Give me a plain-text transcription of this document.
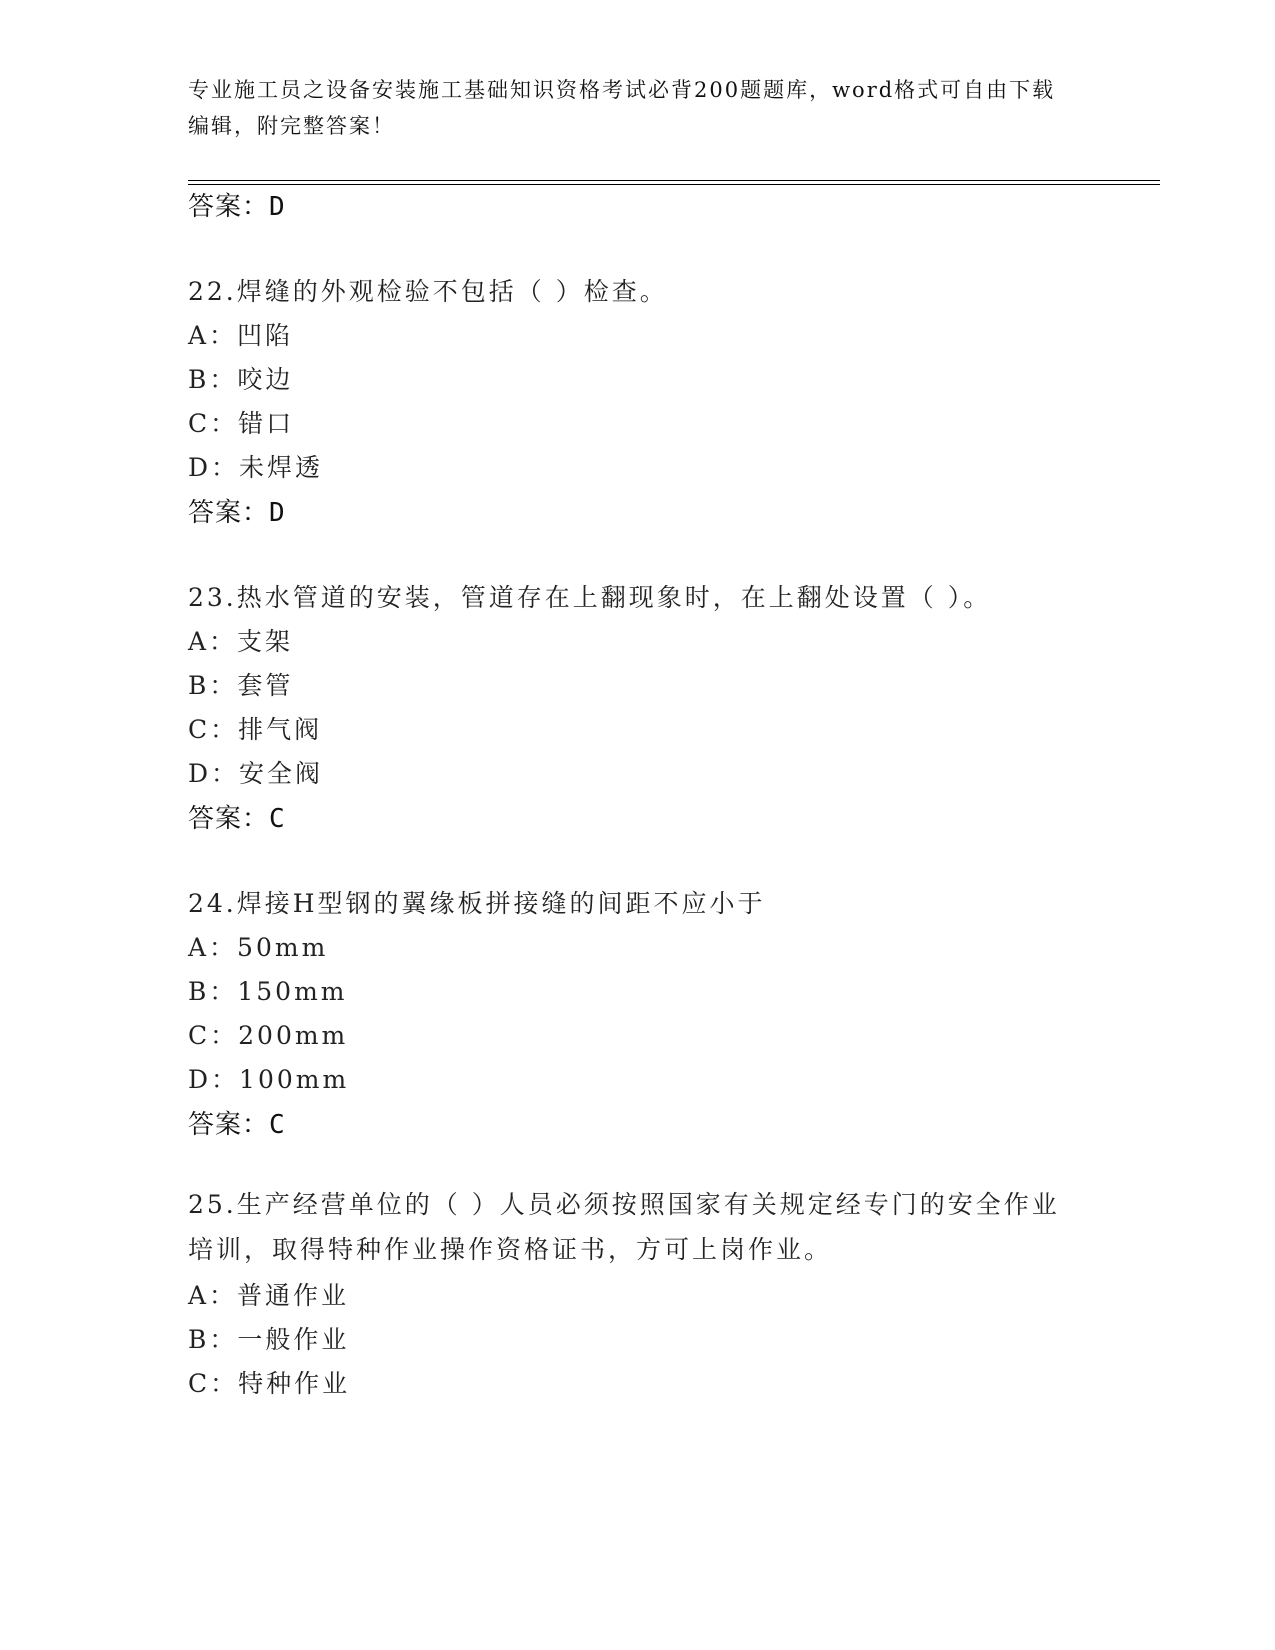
专业施工员之设备安装施工基础知识资格考试必背200题题库，word格式可自由下载编辑，附完整答案！
答案：D
22.焊缝的外观检验不包括（ ）检查。
A：凹陷
B：咬边
C：错口
D：未焊透
答案：D
23.热水管道的安装，管道存在上翻现象时，在上翻处设置（ ）。
A：支架
B：套管
C：排气阀
D：安全阀
答案：C
24.焊接H型钢的翼缘板拼接缝的间距不应小于
A：50mm
B：150mm
C：200mm
D：100mm
答案：C
25.生产经营单位的（ ）人员必须按照国家有关规定经专门的安全作业培训，取得特种作业操作资格证书，方可上岗作业。
A：普通作业
B：一般作业
C：特种作业
